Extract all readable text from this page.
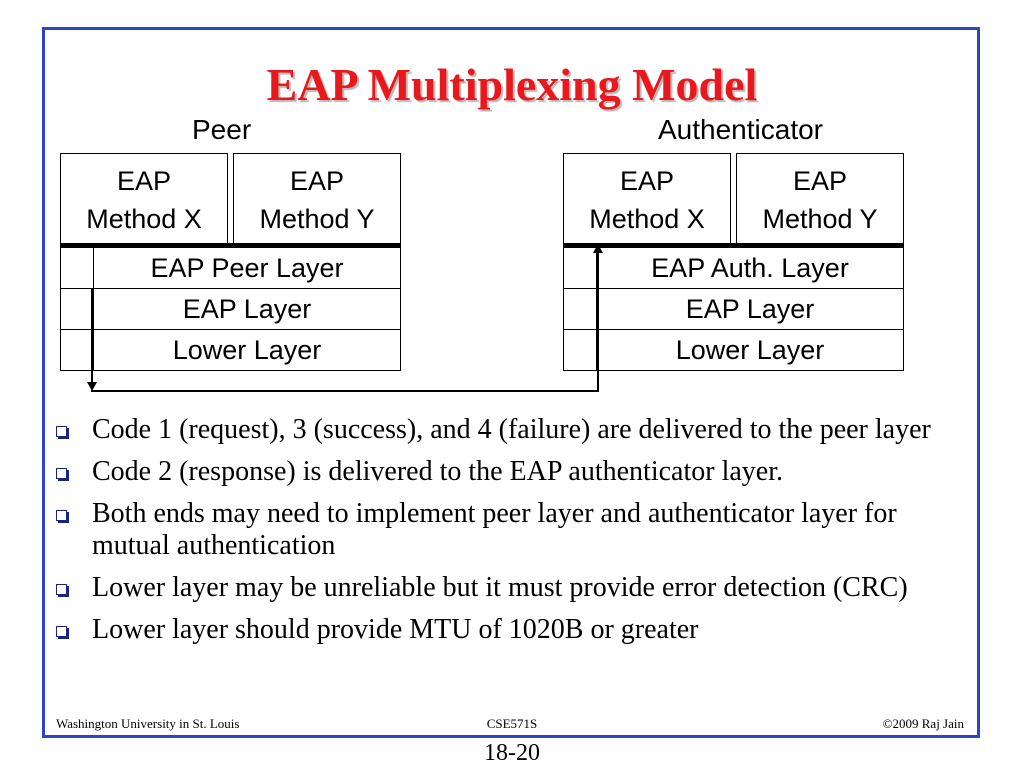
EAP Multiplexing Model
Peer	Authenticator
EAP
Method X
EAP
Method Y
EAP Peer Layer
EAP Layer
Lower Layer
EAP
Method X
EAP
Method Y
EAP Auth. Layer
EAP Layer
Lower Layer
Code 1 (request), 3 (success), and 4 (failure) are delivered to the peer layer
Code 2 (response) is delivered to the EAP authenticator layer.
Both ends may need to implement peer layer and authenticator layer for mutual authentication
Lower layer may be unreliable but it must provide error detection (CRC)
Lower layer should provide MTU of 1020B or greater
Washington University in St. Louis	CSE571S	©2009 Raj Jain
18-20
